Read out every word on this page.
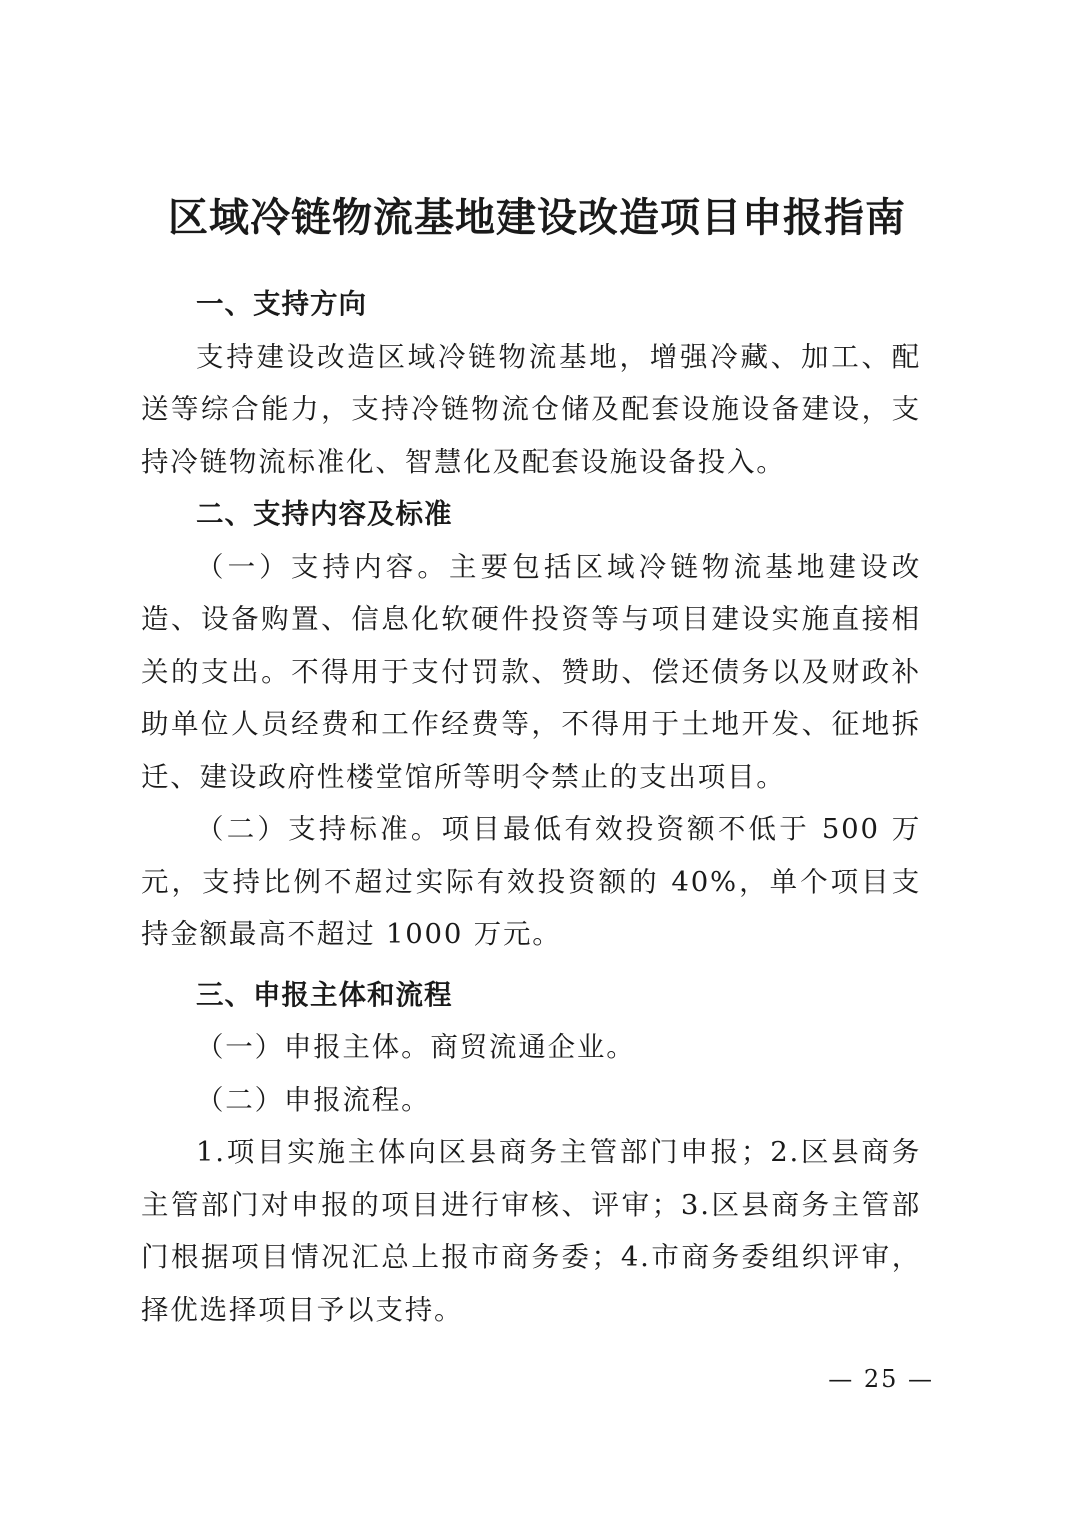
区域冷链物流基地建设改造项目申报指南

一、支持方向

支持建设改造区域冷链物流基地，增强冷藏、加工、配送等综合能力，支持冷链物流仓储及配套设施设备建设，支持冷链物流标准化、智慧化及配套设施设备投入。

二、支持内容及标准

（一）支持内容。主要包括区域冷链物流基地建设改造、设备购置、信息化软硬件投资等与项目建设实施直接相关的支出。不得用于支付罚款、赞助、偿还债务以及财政补助单位人员经费和工作经费等，不得用于土地开发、征地拆迁、建设政府性楼堂馆所等明令禁止的支出项目。

（二）支持标准。项目最低有效投资额不低于 500 万元，支持比例不超过实际有效投资额的 40%，单个项目支持金额最高不超过 1000 万元。

三、申报主体和流程

（一）申报主体。商贸流通企业。

（二）申报流程。

1.项目实施主体向区县商务主管部门申报；2.区县商务主管部门对申报的项目进行审核、评审；3.区县商务主管部门根据项目情况汇总上报市商务委；4.市商务委组织评审，择优选择项目予以支持。

— 25 —
